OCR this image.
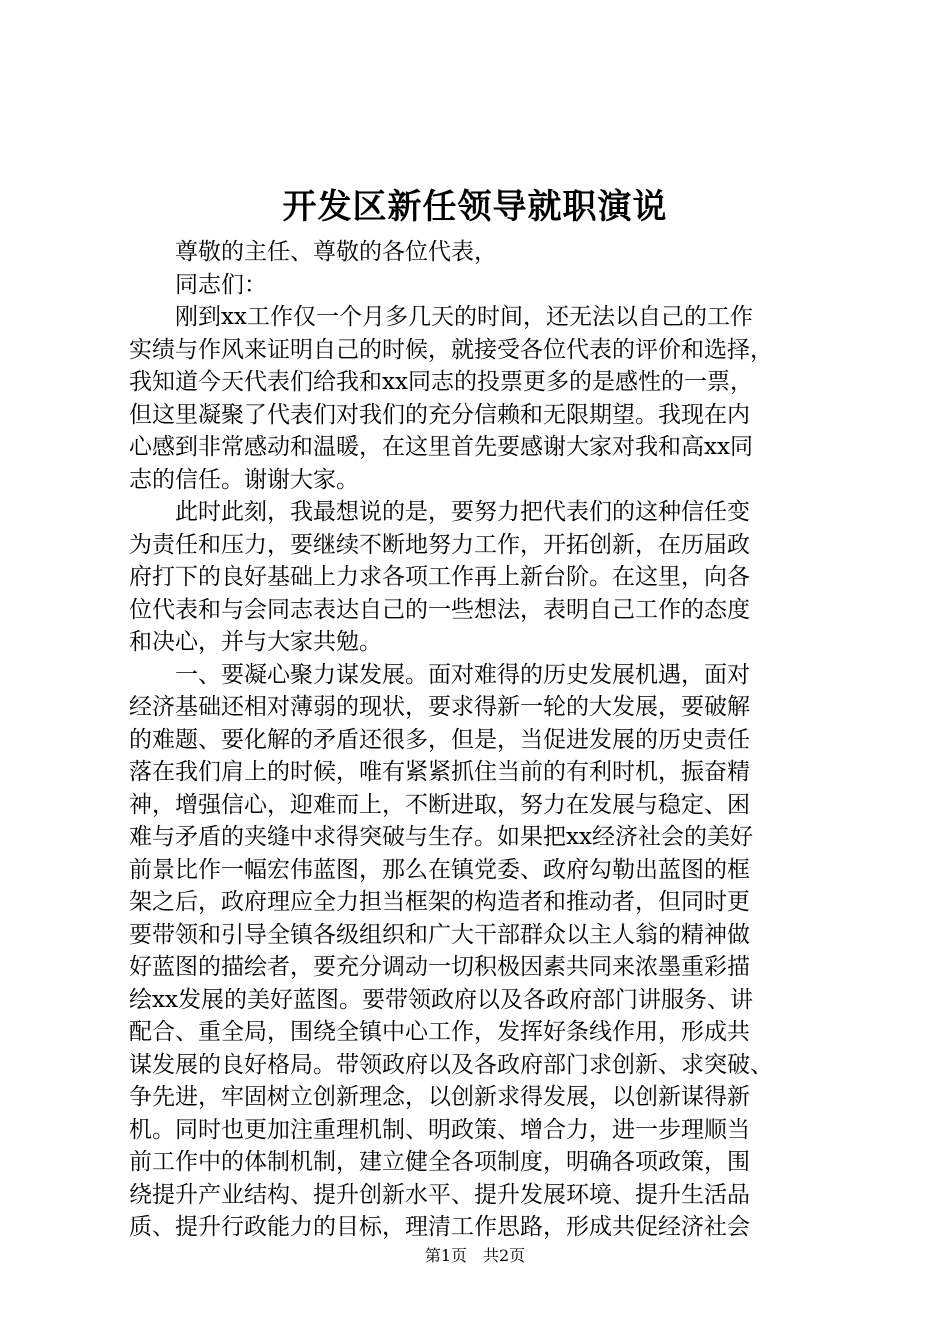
开发区新任领导就职演说
　　尊敬的主任、尊敬的各位代表，
　　同志们：
　　刚到xx工作仅一个月多几天的时间，还无法以自己的工作
实绩与作风来证明自己的时候，就接受各位代表的评价和选择，
我知道今天代表们给我和xx同志的投票更多的是感性的一票，
但这里凝聚了代表们对我们的充分信赖和无限期望。我现在内
心感到非常感动和温暖，在这里首先要感谢大家对我和高xx同
志的信任。谢谢大家。
　　此时此刻，我最想说的是，要努力把代表们的这种信任变
为责任和压力，要继续不断地努力工作，开拓创新，在历届政
府打下的良好基础上力求各项工作再上新台阶。在这里，向各
位代表和与会同志表达自己的一些想法，表明自己工作的态度
和决心，并与大家共勉。
　　一、要凝心聚力谋发展。面对难得的历史发展机遇，面对
经济基础还相对薄弱的现状，要求得新一轮的大发展，要破解
的难题、要化解的矛盾还很多，但是，当促进发展的历史责任
落在我们肩上的时候，唯有紧紧抓住当前的有利时机，振奋精
神，增强信心，迎难而上，不断进取，努力在发展与稳定、困
难与矛盾的夹缝中求得突破与生存。如果把xx经济社会的美好
前景比作一幅宏伟蓝图，那么在镇党委、政府勾勒出蓝图的框
架之后，政府理应全力担当框架的构造者和推动者，但同时更
要带领和引导全镇各级组织和广大干部群众以主人翁的精神做
好蓝图的描绘者，要充分调动一切积极因素共同来浓墨重彩描
绘xx发展的美好蓝图。要带领政府以及各政府部门讲服务、讲
配合、重全局，围绕全镇中心工作，发挥好条线作用，形成共
谋发展的良好格局。带领政府以及各政府部门求创新、求突破、
争先进，牢固树立创新理念，以创新求得发展，以创新谋得新
机。同时也更加注重理机制、明政策、增合力，进一步理顺当
前工作中的体制机制，建立健全各项制度，明确各项政策，围
绕提升产业结构、提升创新水平、提升发展环境、提升生活品
质、提升行政能力的目标，理清工作思路，形成共促经济社会
第1页　共2页
